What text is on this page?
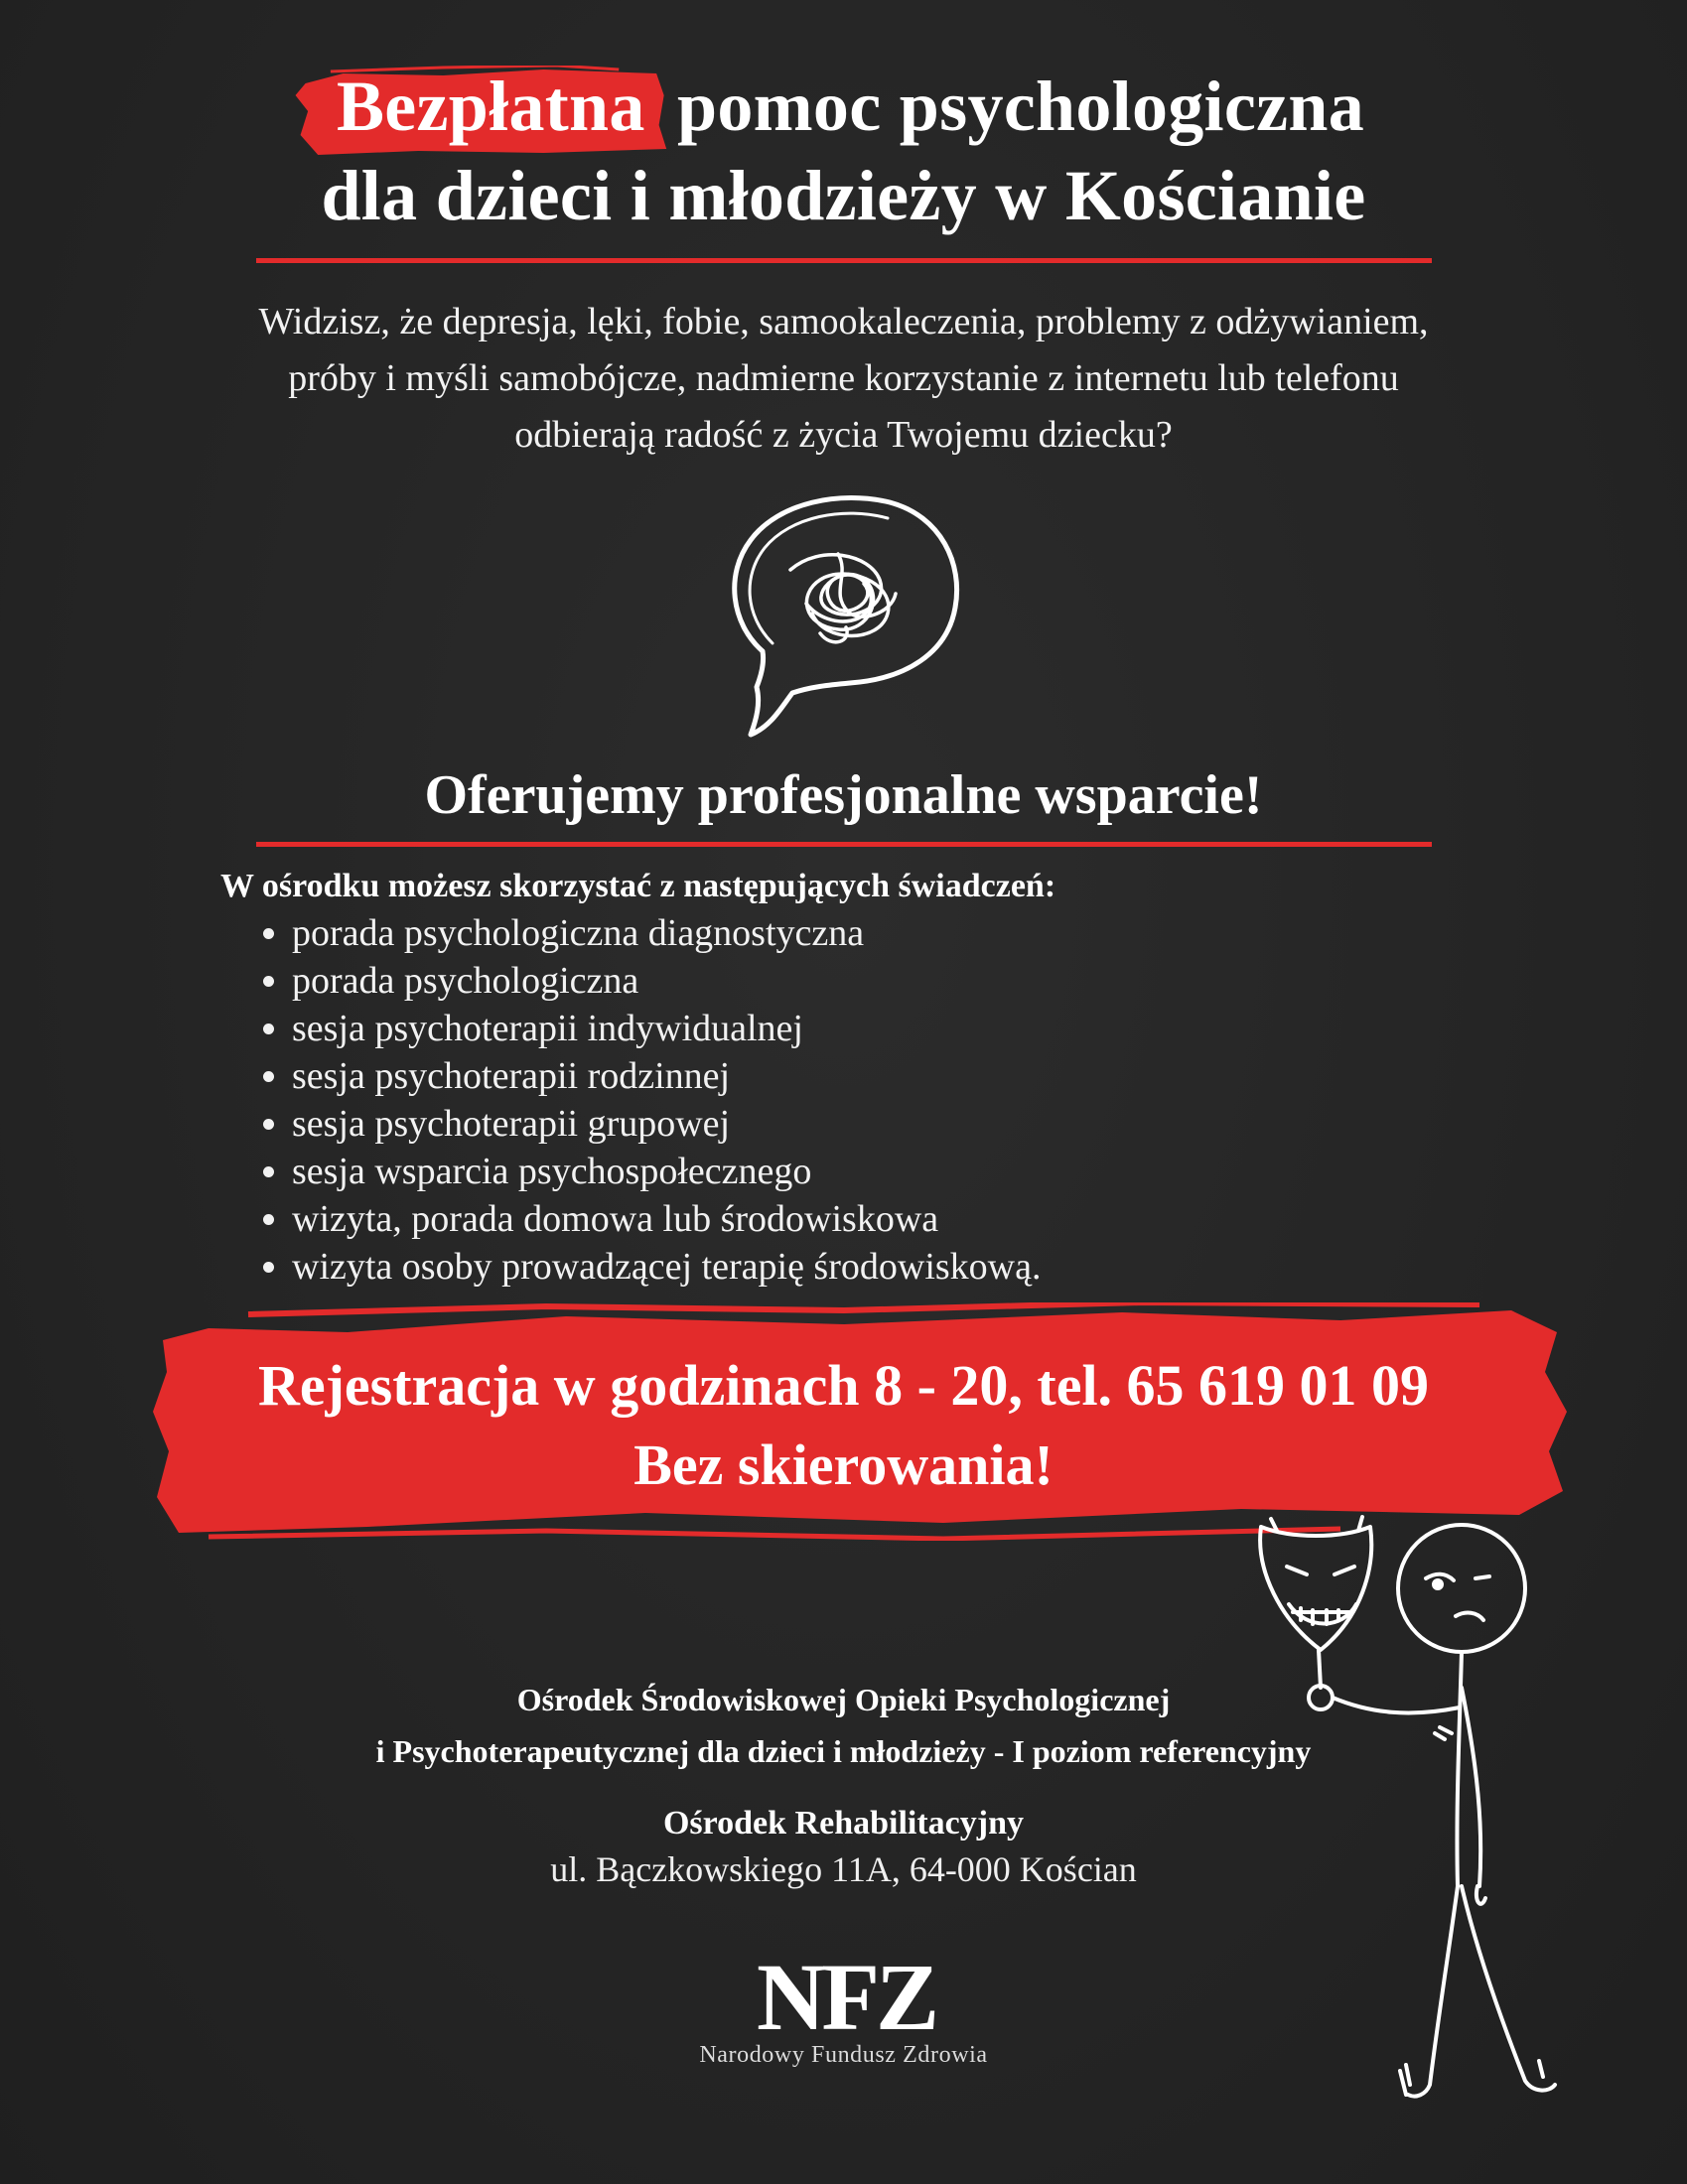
Bezpłatna pomoc psychologiczna
dla dzieci i młodzieży w Kościanie
Widzisz, że depresja, lęki, fobie, samookaleczenia, problemy z odżywianiem,
próby i myśli samobójcze, nadmierne korzystanie z internetu lub telefonu
odbierają radość z życia Twojemu dziecku?
Oferujemy profesjonalne wsparcie!
W ośrodku możesz skorzystać z następujących świadczeń:
• porada psychologiczna diagnostyczna
• porada psychologiczna
• sesja psychoterapii indywidualnej
• sesja psychoterapii rodzinnej
• sesja psychoterapii grupowej
• sesja wsparcia psychospołecznego
• wizyta, porada domowa lub środowiskowa
• wizyta osoby prowadzącej terapię środowiskową.
Rejestracja w godzinach 8 - 20, tel. 65 619 01 09
Bez skierowania!
Ośrodek Środowiskowej Opieki Psychologicznej
i Psychoterapeutycznej dla dzieci i młodzieży - I poziom referencyjny
Ośrodek Rehabilitacyjny
ul. Bączkowskiego 11A, 64-000 Kościan
NFZ
Narodowy Fundusz Zdrowia
